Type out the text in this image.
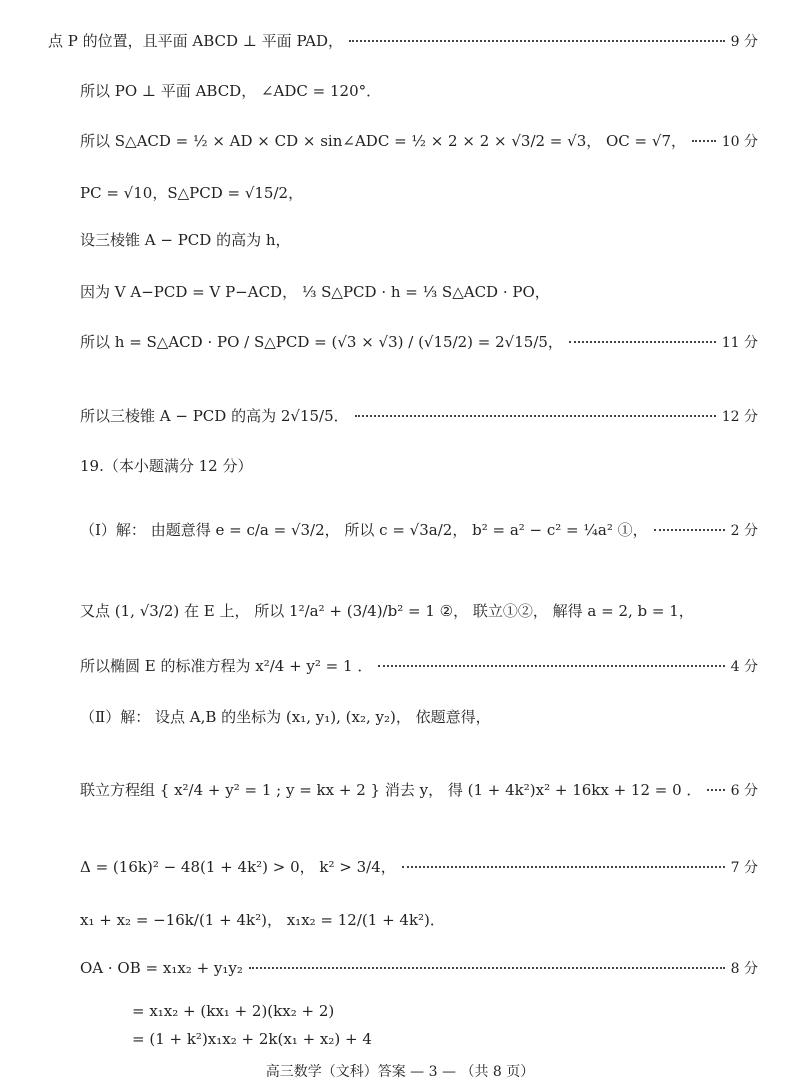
点 P 的位置，且平面 ABCD ⊥ 平面 PAD，	9 分
所以 PO ⊥ 平面 ABCD， ∠ADC = 120°．
所以 S△ACD = ½ × AD × CD × sin∠ADC = ½ × 2 × 2 × √3/2 = √3， OC = √7，	10 分
PC = √10，S△PCD = √15/2，
设三棱锥 A − PCD 的高为 h，
因为 V A−PCD = V P−ACD， ⅓ S△PCD · h = ⅓ S△ACD · PO，
所以 h = S△ACD · PO / S△PCD = (√3 × √3) / (√15/2) = 2√15/5，	11 分
所以三棱锥 A − PCD 的高为 2√15/5．	12 分
19.（本小题满分 12 分）
（Ⅰ）解： 由题意得 e = c/a = √3/2， 所以 c = √3a/2， b² = a² − c² = ¼a² ①，	2 分
又点 (1, √3/2) 在 E 上， 所以 1²/a² + (3/4)/b² = 1 ②， 联立①②， 解得 a = 2, b = 1，
所以椭圆 E 的标准方程为 x²/4 + y² = 1 ．	4 分
（Ⅱ）解： 设点 A,B 的坐标为 (x₁, y₁), (x₂, y₂)， 依题意得，
联立方程组 { x²/4 + y² = 1 ; y = kx + 2 } 消去 y， 得 (1 + 4k²)x² + 16kx + 12 = 0 ． 6 分
Δ = (16k)² − 48(1 + 4k²) > 0， k² > 3/4，	7 分
x₁ + x₂ = −16k/(1 + 4k²)， x₁x₂ = 12/(1 + 4k²)．
OA · OB = x₁x₂ + y₁y₂	8 分
= x₁x₂ + (kx₁ + 2)(kx₂ + 2)
= (1 + k²)x₁x₂ + 2k(x₁ + x₂) + 4
高三数学（文科）答案 — 3 — （共 8 页）
